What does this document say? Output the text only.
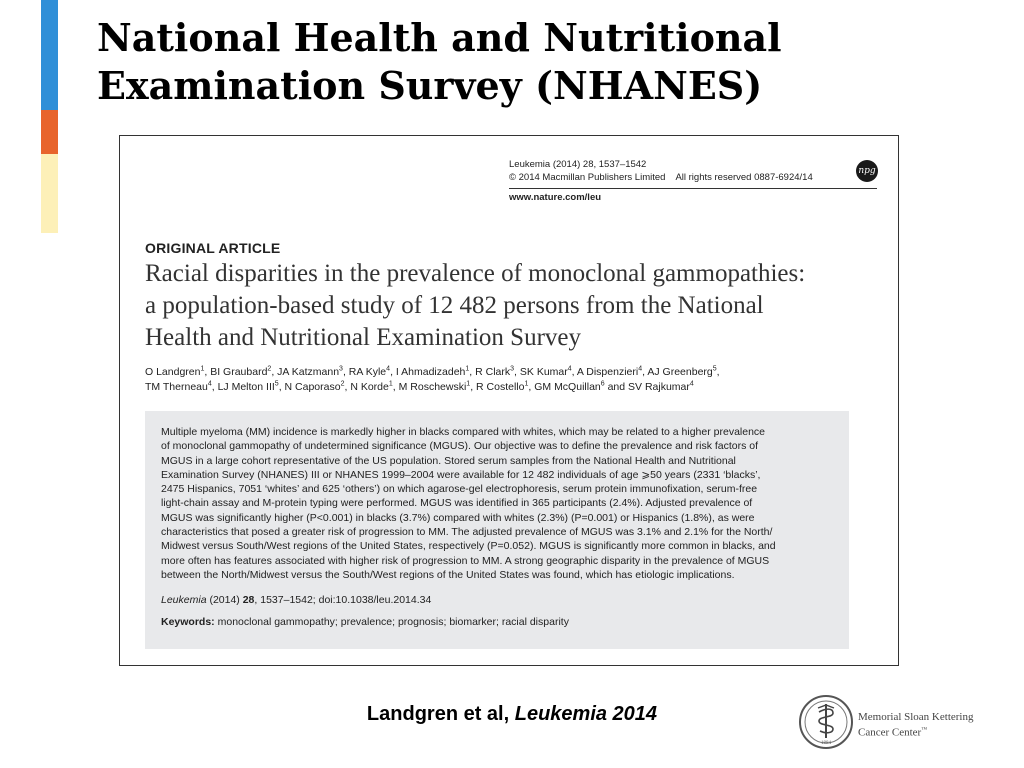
National Health and Nutritional
Examination Survey (NHANES)
Leukemia (2014) 28, 1537–1542
© 2014 Macmillan Publishers Limited All rights reserved 0887-6924/14
npg
www.nature.com/leu
ORIGINAL ARTICLE
Racial disparities in the prevalence of monoclonal gammopathies:
a population-based study of 12 482 persons from the National
Health and Nutritional Examination Survey
O Landgren$^1$, BI Graubard$^2$, JA Katzmann$^3$, RA Kyle$^4$, I Ahmadizadeh$^1$, R Clark$^3$, SK Kumar$^4$, A Dispenzieri$^4$, AJ Greenberg$^5$,
TM Therneau$^4$, LJ Melton III$^5$, N Caporaso$^2$, N Korde$^1$, M Roschewski$^1$, R Costello$^1$, GM McQuillan$^6$ and SV Rajkumar$^4$

Multiple myeloma (MM) incidence is markedly higher in blacks compared with whites, which may be related to a higher prevalence
of monoclonal gammopathy of undetermined significance (MGUS). Our objective was to define the prevalence and risk factors of
MGUS in a large cohort representative of the US population. Stored serum samples from the National Health and Nutritional
Examination Survey (NHANES) III or NHANES 1999–2004 were available for 12 482 individuals of age ⩾50 years (2331 ‘blacks’,
2475 Hispanics, 7051 ‘whites’ and 625 ‘others’) on which agarose-gel electrophoresis, serum protein immunofixation, serum-free
light-chain assay and M-protein typing were performed. MGUS was identified in 365 participants (2.4%). Adjusted prevalence of
MGUS was significantly higher (P<0.001) in blacks (3.7%) compared with whites (2.3%) (P=0.001) or Hispanics (1.8%), as were
characteristics that posed a greater risk of progression to MM. The adjusted prevalence of MGUS was 3.1% and 2.1% for the North/
Midwest versus South/West regions of the United States, respectively (P=0.052). MGUS is significantly more common in blacks, and
more often has features associated with higher risk of progression to MM. A strong geographic disparity in the prevalence of MGUS
between the North/Midwest versus the South/West regions of the United States was found, which has etiologic implications.

Leukemia (2014) 28, 1537–1542; doi:10.1038/leu.2014.34
Keywords: monoclonal gammopathy; prevalence; prognosis; biomarker; racial disparity
Landgren et al, Leukemia 2014
1884
Memorial Sloan Kettering
Cancer Center™
